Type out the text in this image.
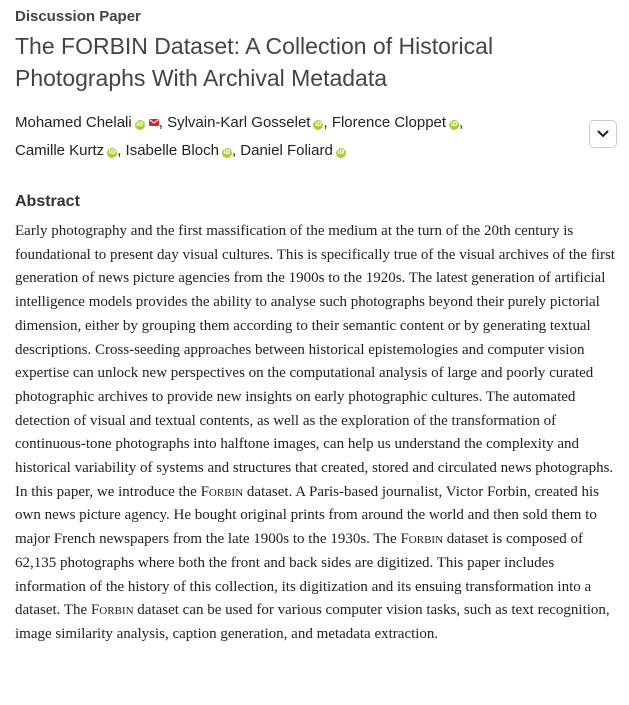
Discussion Paper
The FORBIN Dataset: A Collection of Historical Photographs With Archival Metadata
Mohamed Chelali iD , Sylvain-Karl Gosselet iD, Florence Cloppet iD, Camille Kurtz iD, Isabelle Bloch iD, Daniel Foliard iD
Abstract

Early photography and the first massification of the medium at the turn of the 20th century is foundational to present day visual cultures. This is specifically true of the visual archives of the first generation of news picture agencies from the 1900s to the 1920s. The latest generation of artificial intelligence models provides the ability to analyse such photographs beyond their purely pictorial dimension, either by grouping them according to their semantic content or by generating textual descriptions. Cross-seeding approaches between historical epistemologies and computer vision expertise can unlock new perspectives on the computational analysis of large and poorly curated photographic archives to provide new insights on early photographic cultures. The automated detection of visual and textual contents, as well as the exploration of the transformation of continuous-tone photographs into halftone images, can help us understand the complexity and historical variability of systems and structures that created, stored and circulated news photographs. In this paper, we introduce the Forbin dataset. A Paris-based journalist, Victor Forbin, created his own news picture agency. He bought original prints from around the world and then sold them to major French newspapers from the late 1900s to the 1930s. The Forbin dataset is composed of 62,135 photographs where both the front and back sides are digitized. This paper includes information of the history of this collection, its digitization and its ensuing transformation into a dataset. The Forbin dataset can be used for various computer vision tasks, such as text recognition, image similarity analysis, caption generation, and metadata extraction.
